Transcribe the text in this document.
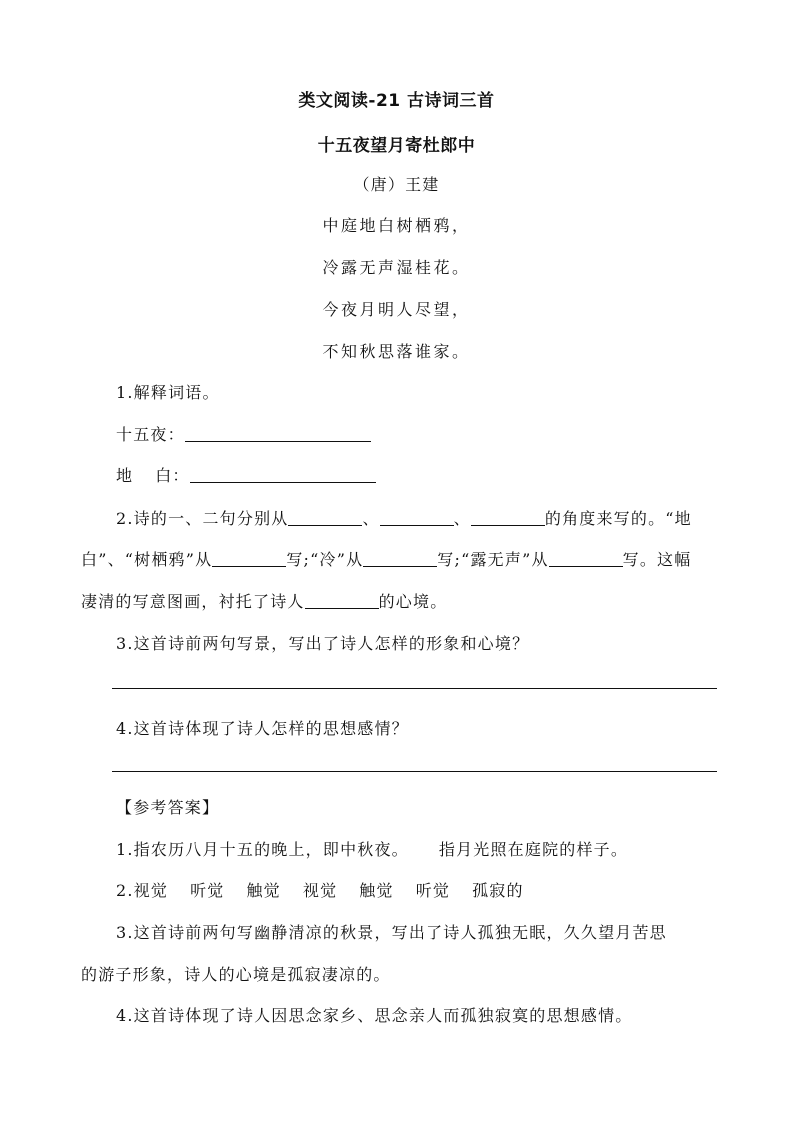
类文阅读-21 古诗词三首
十五夜望月寄杜郎中
（唐）王建
中庭地白树栖鸦，
冷露无声湿桂花。
今夜月明人尽望，
不知秋思落谁家。
1.解释词语。
十五夜：
地 白：
2.诗的一、二句分别从	、	、	的角度来写的。“地
白”、“树栖鸦”从	写;“冷”从	写;“露无声”从	写。这幅
凄清的写意图画，衬托了诗人	的心境。
3.这首诗前两句写景，写出了诗人怎样的形象和心境？
4.这首诗体现了诗人怎样的思想感情？
【参考答案】
1.指农历八月十五的晚上，即中秋夜。 指月光照在庭院的样子。
2.视觉 听觉 触觉 视觉 触觉 听觉 孤寂的
3.这首诗前两句写幽静清凉的秋景，写出了诗人孤独无眠，久久望月苦思
的游子形象，诗人的心境是孤寂凄凉的。
4.这首诗体现了诗人因思念家乡、思念亲人而孤独寂寞的思想感情。
